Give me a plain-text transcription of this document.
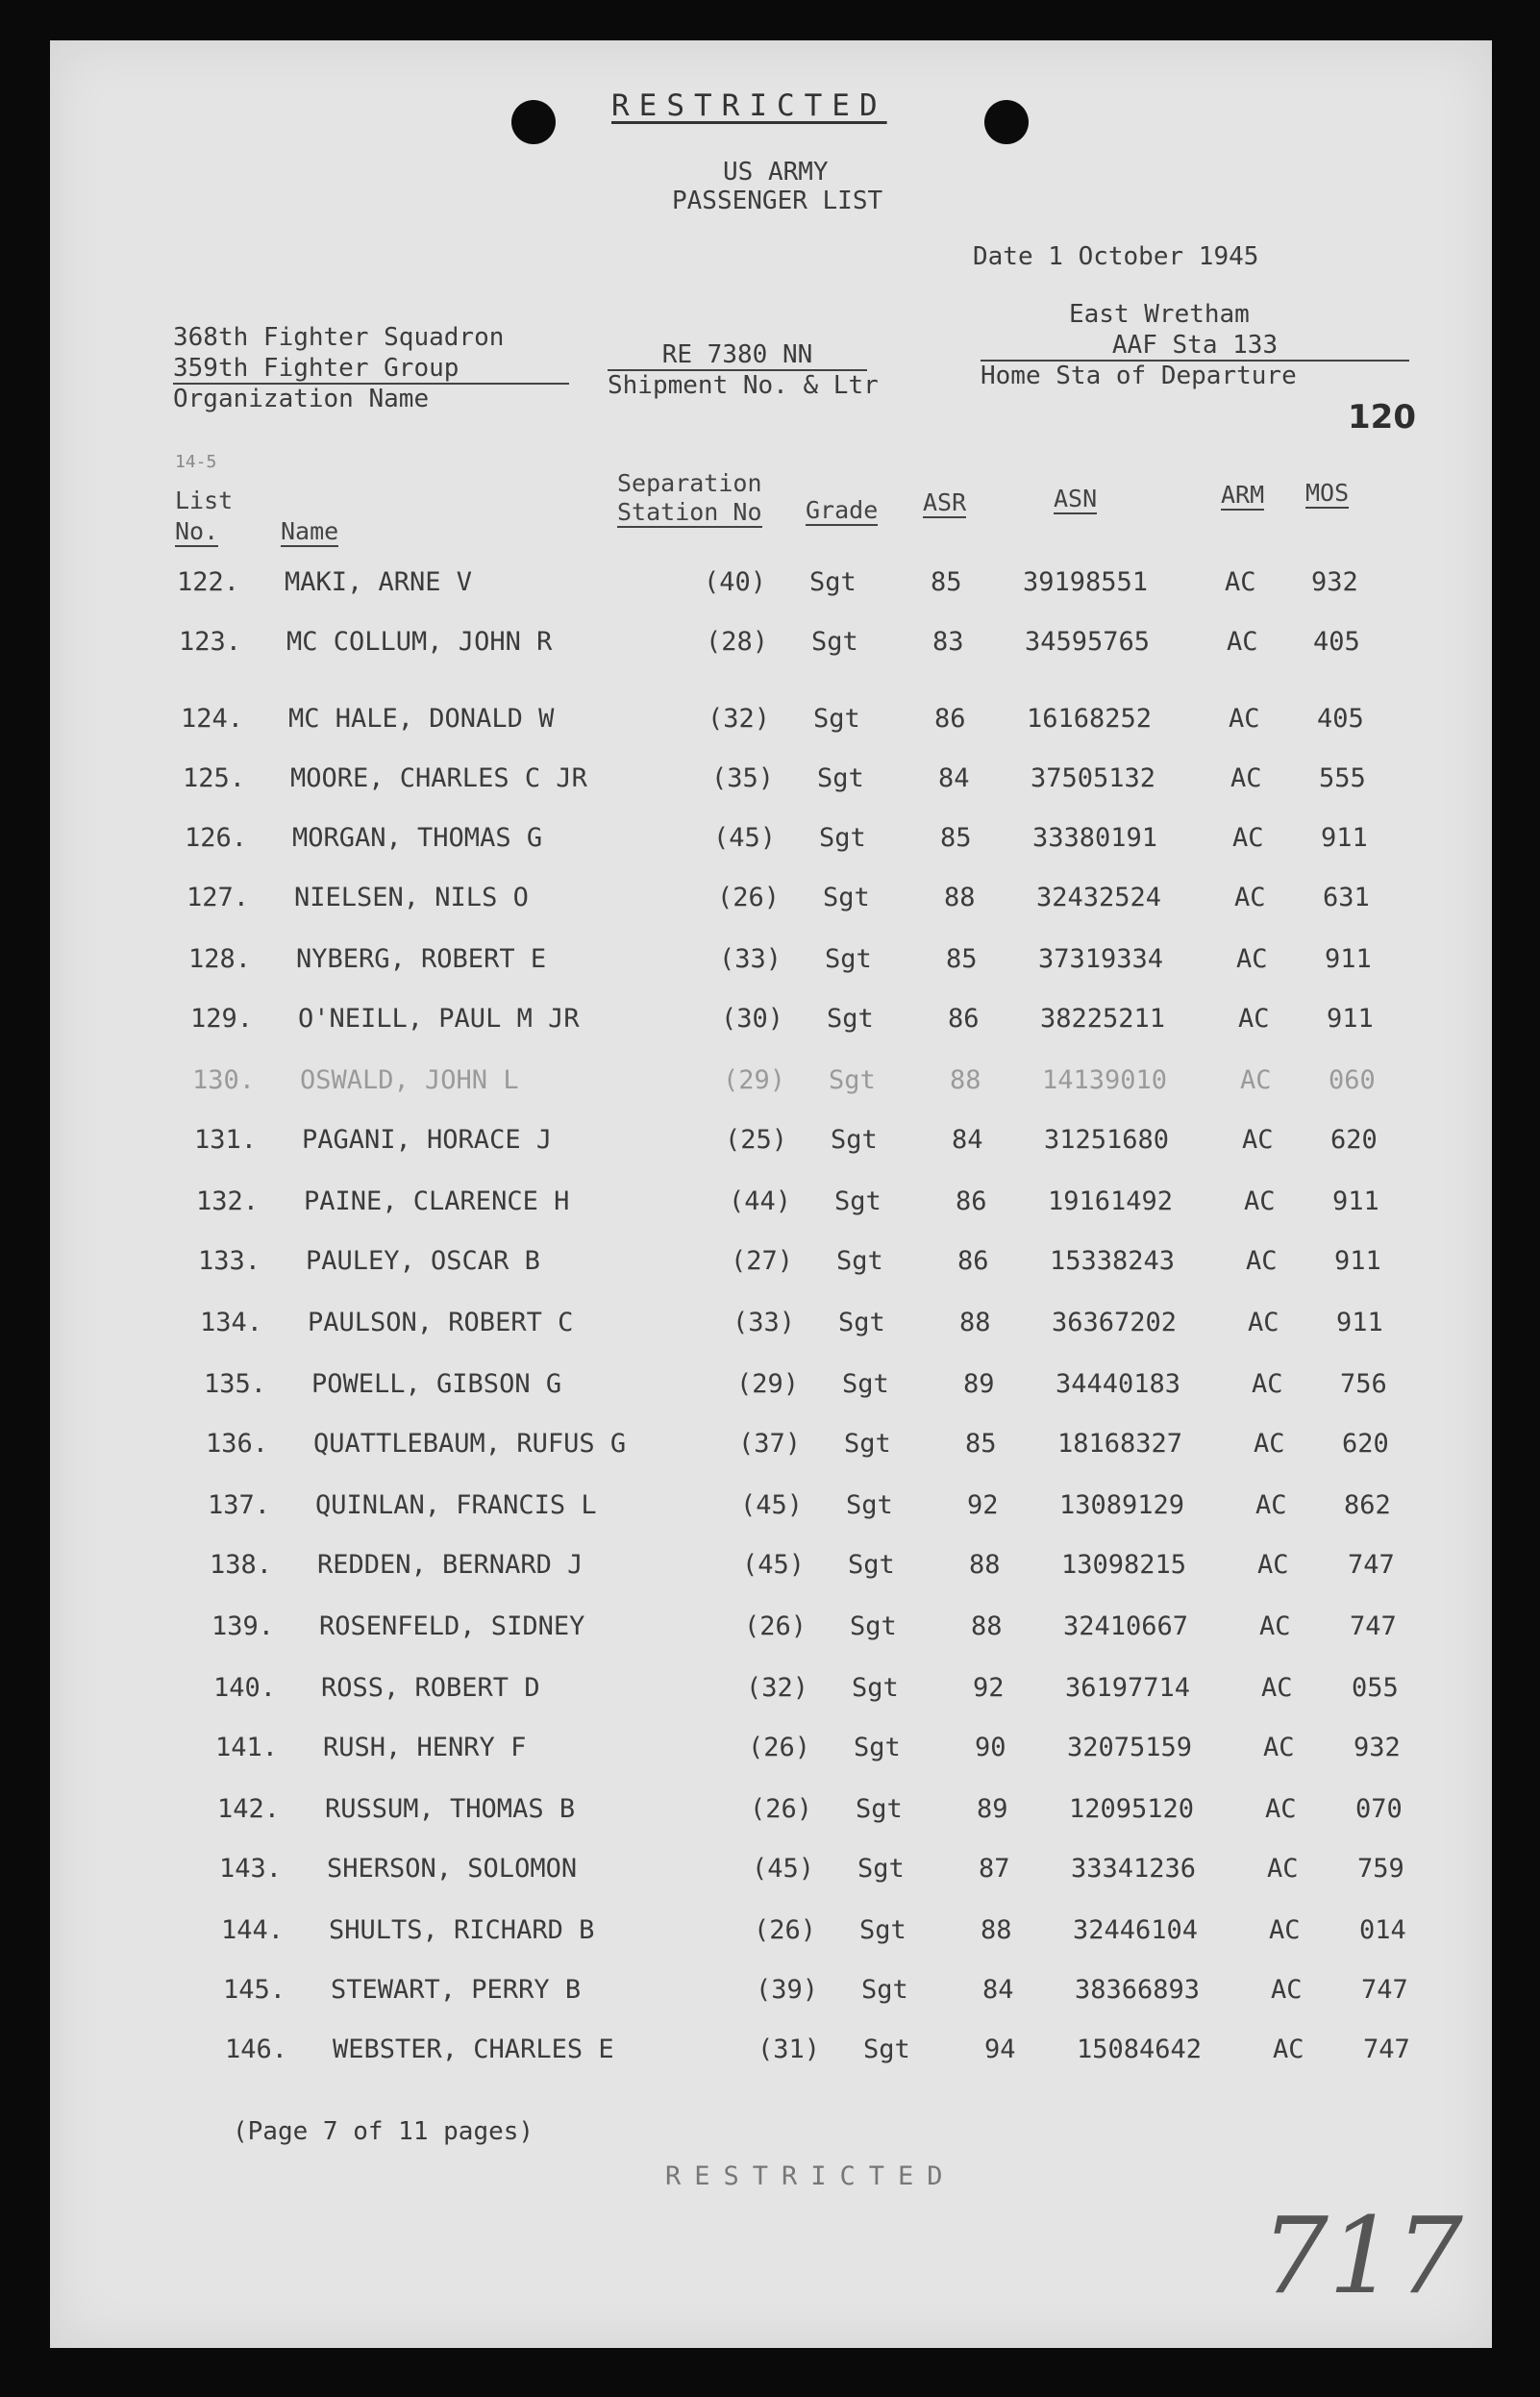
RESTRICTED
US ARMY
PASSENGER LIST
Date 1 October 1945
368th Fighter Squadron
359th Fighter Group
Organization Name
RE 7380 NN
Shipment No. & Ltr
East Wretham
AAF Sta 133
Home Sta of Departure
120
14-5
List
No.	Name
Separation
Station No Grade ASR	ASN	ARM MOS
122. MAKI, ARNE V	(40) Sgt	85 39198551	AC 932
123. MC COLLUM, JOHN R	(28) Sgt	83 34595765	AC 405
124. MC HALE, DONALD W	(32) Sgt	86 16168252	AC 405
125. MOORE, CHARLES C JR	(35) Sgt	84 37505132	AC 555
126. MORGAN, THOMAS G	(45) Sgt	85 33380191	AC 911
127. NIELSEN, NILS O	(26) Sgt	88 32432524	AC 631
128. NYBERG, ROBERT E	(33) Sgt	85 37319334	AC 911
129. O'NEILL, PAUL M JR	(30) Sgt	86 38225211	AC 911
130. OSWALD, JOHN L	(29) Sgt	88 14139010	AC 060
131. PAGANI, HORACE J	(25) Sgt	84 31251680	AC 620
132. PAINE, CLARENCE H	(44) Sgt	86 19161492	AC 911
133. PAULEY, OSCAR B	(27) Sgt	86 15338243	AC 911
134. PAULSON, ROBERT C	(33) Sgt	88 36367202	AC 911
135. POWELL, GIBSON G	(29) Sgt	89 34440183	AC 756
136. QUATTLEBAUM, RUFUS G	(37) Sgt	85 18168327	AC 620
137. QUINLAN, FRANCIS L	(45) Sgt	92 13089129	AC 862
138. REDDEN, BERNARD J	(45) Sgt	88 13098215	AC 747
139. ROSENFELD, SIDNEY	(26) Sgt	88 32410667	AC 747
140. ROSS, ROBERT D	(32) Sgt	92 36197714	AC 055
141. RUSH, HENRY F	(26) Sgt	90 32075159	AC 932
142. RUSSUM, THOMAS B	(26) Sgt	89 12095120	AC 070
143. SHERSON, SOLOMON	(45) Sgt	87 33341236	AC 759
144. SHULTS, RICHARD B	(26) Sgt	88 32446104	AC 014
145. STEWART, PERRY B	(39) Sgt	84 38366893	AC 747
146. WEBSTER, CHARLES E	(31) Sgt	94 15084642	AC 747
(Page 7 of 11 pages)
RESTRICTED
717
